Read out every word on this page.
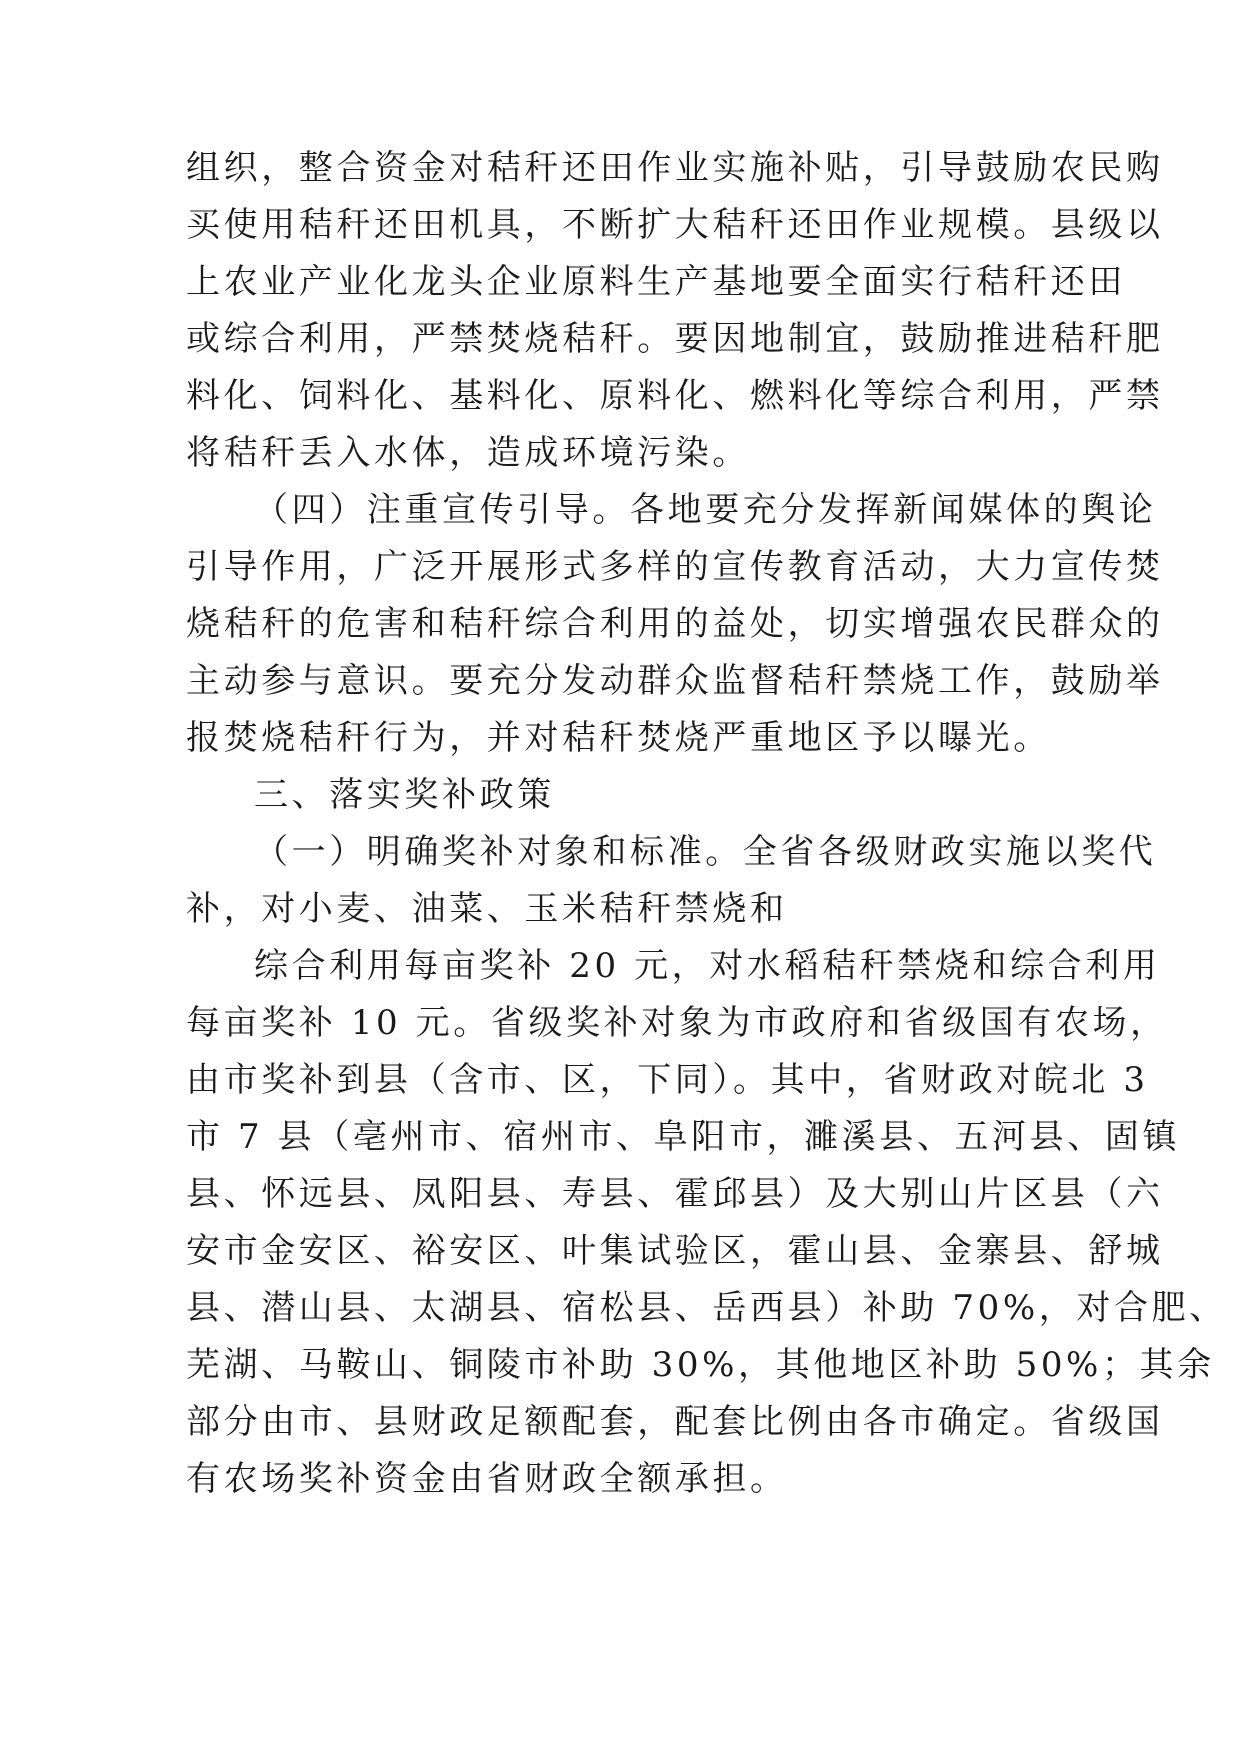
组织，整合资金对秸秆还田作业实施补贴，引导鼓励农民购
买使用秸秆还田机具，不断扩大秸秆还田作业规模。县级以
上农业产业化龙头企业原料生产基地要全面实行秸秆还田
或综合利用，严禁焚烧秸秆。要因地制宜，鼓励推进秸秆肥
料化、饲料化、基料化、原料化、燃料化等综合利用，严禁
将秸秆丢入水体，造成环境污染。
（四）注重宣传引导。各地要充分发挥新闻媒体的舆论
引导作用，广泛开展形式多样的宣传教育活动，大力宣传焚
烧秸秆的危害和秸秆综合利用的益处，切实增强农民群众的
主动参与意识。要充分发动群众监督秸秆禁烧工作，鼓励举
报焚烧秸秆行为，并对秸秆焚烧严重地区予以曝光。
三、落实奖补政策
（一）明确奖补对象和标准。全省各级财政实施以奖代
补，对小麦、油菜、玉米秸秆禁烧和
综合利用每亩奖补 20 元，对水稻秸秆禁烧和综合利用
每亩奖补 10 元。省级奖补对象为市政府和省级国有农场，
由市奖补到县（含市、区，下同）。其中，省财政对皖北 3
市 7 县（亳州市、宿州市、阜阳市，濉溪县、五河县、固镇
县、怀远县、凤阳县、寿县、霍邱县）及大别山片区县（六
安市金安区、裕安区、叶集试验区，霍山县、金寨县、舒城
县、潜山县、太湖县、宿松县、岳西县）补助 70%，对合肥、
芜湖、马鞍山、铜陵市补助 30%，其他地区补助 50%；其余
部分由市、县财政足额配套，配套比例由各市确定。省级国
有农场奖补资金由省财政全额承担。
